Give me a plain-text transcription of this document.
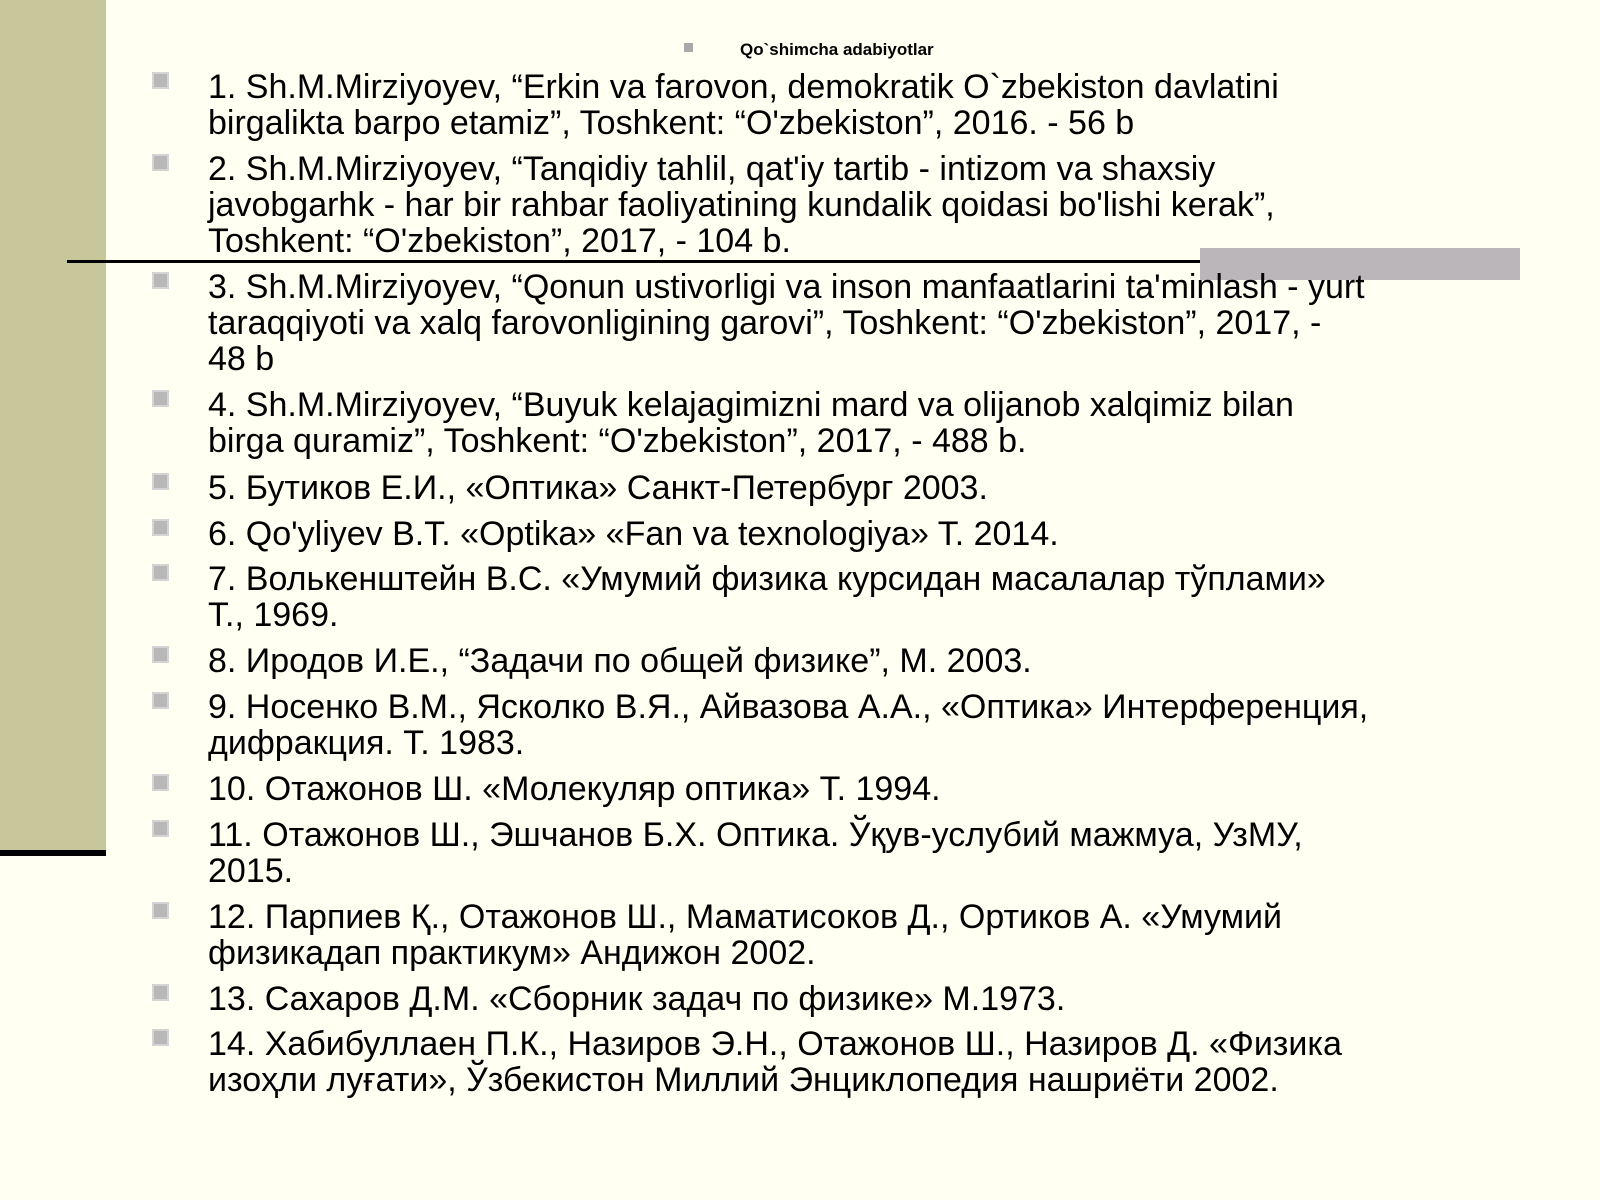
Qo`shimcha adabiyotlar

1. Sh.M.Mirziyoyev, “Erkin va farovon, demokratik O`zbekiston davlatini
birgalikta barpo etamiz”, Toshkent: “O'zbekiston”, 2016. - 56 b

2. Sh.M.Mirziyoyev, “Tanqidiy tahlil, qat'iy tartib - intizom va shaxsiy
javobgarhk - har bir rahbar faoliyatining kundalik qoidasi bo'lishi kerak”,
Toshkent: “O'zbekiston”, 2017, - 104 b.

3. Sh.M.Mirziyoyev, “Qonun ustivorligi va inson manfaatlarini ta'minlash - yurt
taraqqiyoti va xalq farovonligining garovi”, Toshkent: “O'zbekiston”, 2017, -
48 b

4. Sh.M.Mirziyoyev, “Buyuk kelajagimizni mard va olijanob xalqimiz bilan
birga quramiz”, Toshkent: “O'zbekiston”, 2017, - 488 b.

5. Бутиков Е.И., «Оптика» Санкт-Петербург 2003.

6. Qo'yliyev B.T. «Optika» «Fan va texnologiya» T. 2014.

7. Волькенштейн В.С. «Умумий физика курсидан масалалар тўплами»
Т., 1969.

8. Иродов И.Е., “Задачи по общей физике”, М. 2003.

9. Носенко В.М., Ясколко В.Я., Айвазова А.А., «Оптика» Интерференция,
дифракция. Т. 1983.

10. Отажонов Ш. «Молекуляр оптика» Т. 1994.

11. Отажонов Ш., Эшчанов Б.Х. Оптика. Ўқув-услубий мажмуа, УзМУ,
2015.

12. Парпиев Қ., Отажонов Ш., Маматисоков Д., Ортиков А. «Умумий
физикадап практикум» Андижон 2002.

13. Сахаров Д.М. «Сборник задач по физике» М.1973.

14. Хабибуллаен П.К., Назиров Э.Н., Отажонов Ш., Назиров Д. «Физика
изоҳли луғати», Ўзбекистон Миллий Энциклопедия нашриёти 2002.
